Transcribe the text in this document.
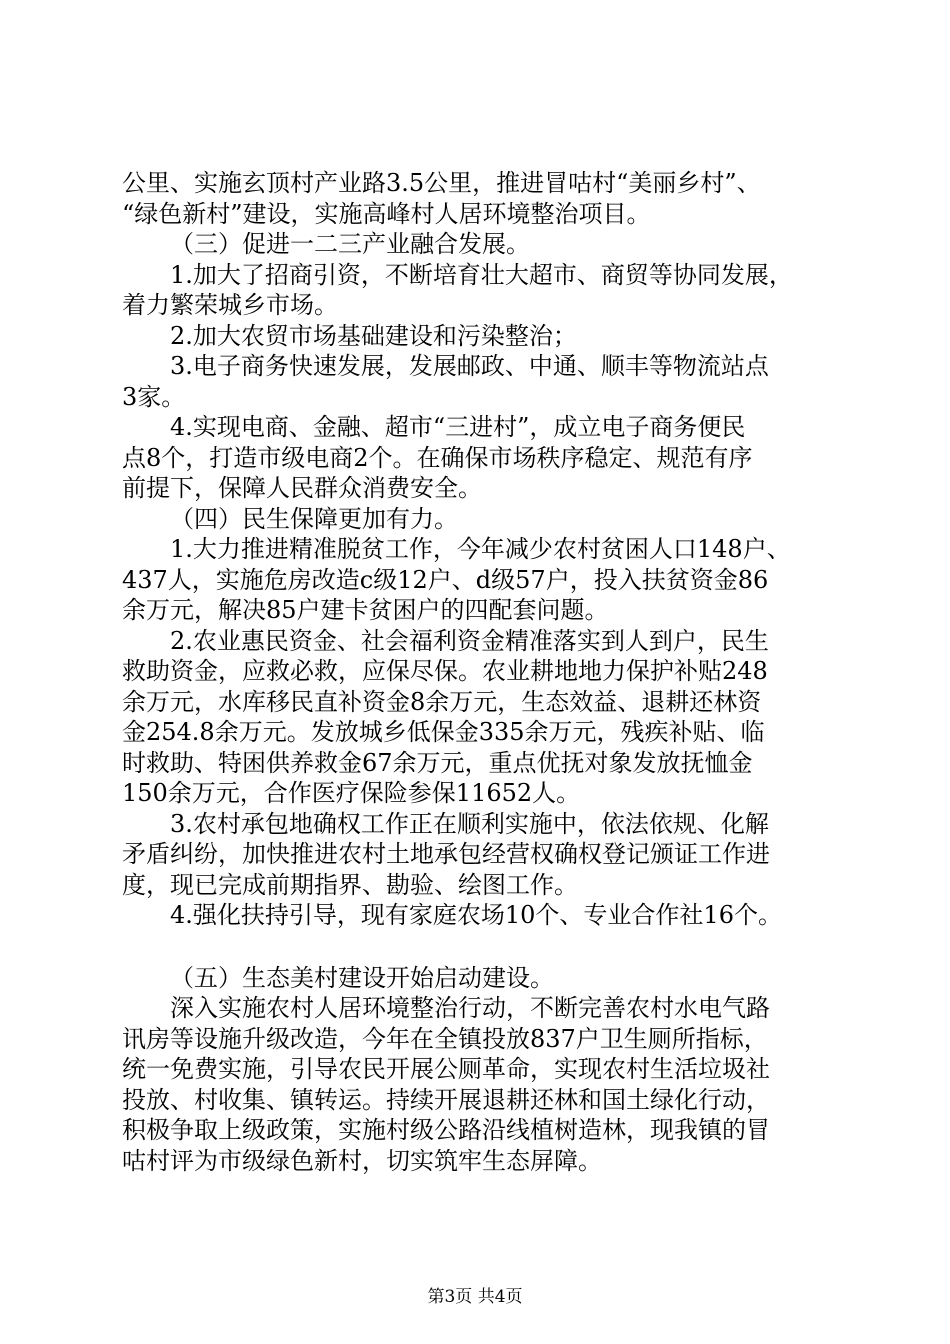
公里、实施玄顶村产业路3.5公里，推进冒咕村“美丽乡村”、
“绿色新村”建设，实施高峰村人居环境整治项目。
（三）促进一二三产业融合发展。
1.加大了招商引资，不断培育壮大超市、商贸等协同发展，
着力繁荣城乡市场。
2.加大农贸市场基础建设和污染整治；
3.电子商务快速发展，发展邮政、中通、顺丰等物流站点
3家。
4.实现电商、金融、超市“三进村”，成立电子商务便民
点8个，打造市级电商2个。在确保市场秩序稳定、规范有序
前提下，保障人民群众消费安全。
（四）民生保障更加有力。
1.大力推进精准脱贫工作，今年减少农村贫困人口148户、
437人，实施危房改造c级12户、d级57户，投入扶贫资金86
余万元，解决85户建卡贫困户的四配套问题。
2.农业惠民资金、社会福利资金精准落实到人到户，民生
救助资金，应救必救，应保尽保。农业耕地地力保护补贴248
余万元，水库移民直补资金8余万元，生态效益、退耕还林资
金254.8余万元。发放城乡低保金335余万元，残疾补贴、临
时救助、特困供养救金67余万元，重点优抚对象发放抚恤金
150余万元，合作医疗保险参保11652人。
3.农村承包地确权工作正在顺利实施中，依法依规、化解
矛盾纠纷，加快推进农村土地承包经营权确权登记颁证工作进
度，现已完成前期指界、勘验、绘图工作。
4.强化扶持引导，现有家庭农场10个、专业合作社16个。
（五）生态美村建设开始启动建设。
深入实施农村人居环境整治行动，不断完善农村水电气路
讯房等设施升级改造，今年在全镇投放837户卫生厕所指标，
统一免费实施，引导农民开展公厕革命，实现农村生活垃圾社
投放、村收集、镇转运。持续开展退耕还林和国土绿化行动，
积极争取上级政策，实施村级公路沿线植树造林，现我镇的冒
咕村评为市级绿色新村，切实筑牢生态屏障。
第3页 共4页
